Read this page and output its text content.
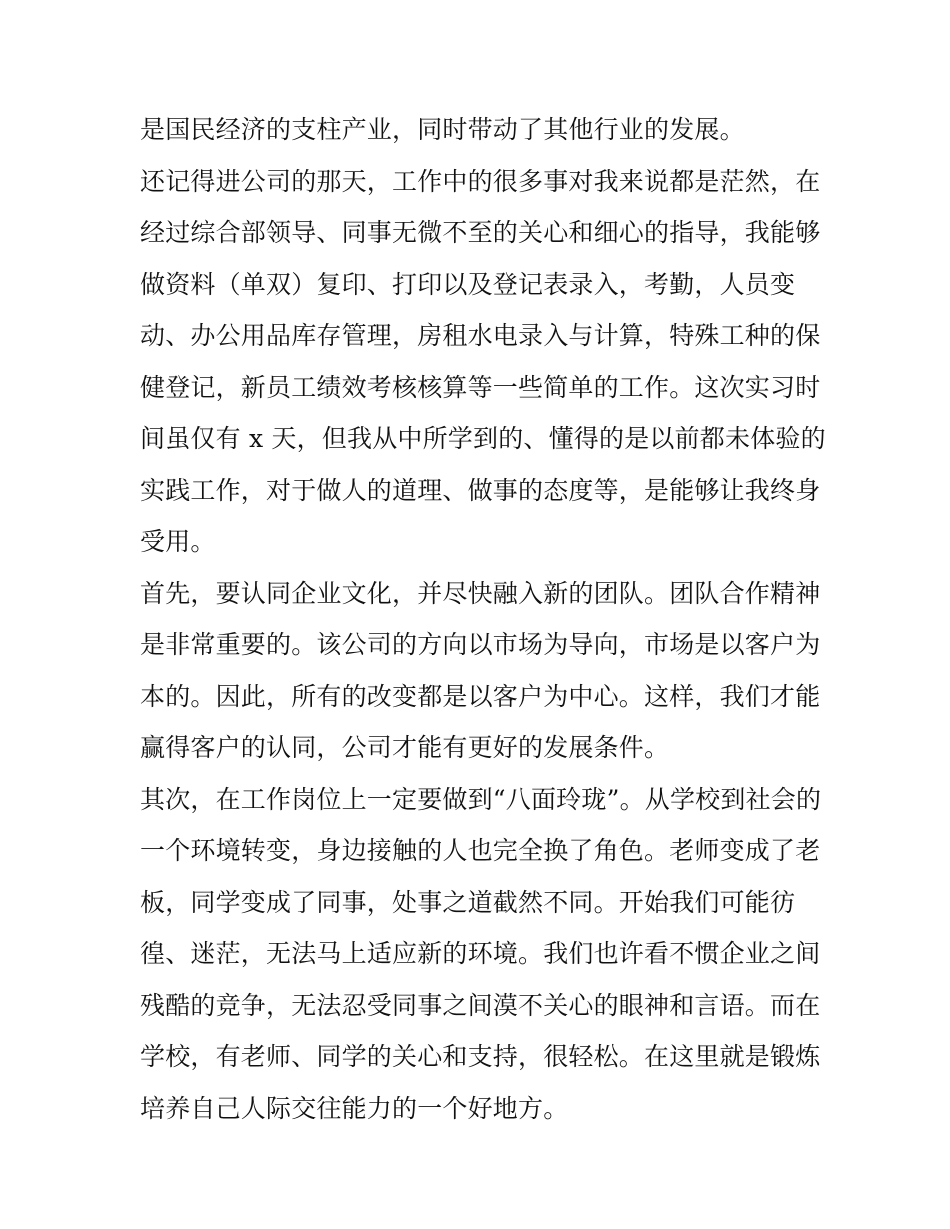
是国民经济的支柱产业，同时带动了其他行业的发展。
还记得进公司的那天，工作中的很多事对我来说都是茫然，在
经过综合部领导、同事无微不至的关心和细心的指导，我能够
做资料（单双）复印、打印以及登记表录入，考勤，人员变
动、办公用品库存管理，房租水电录入与计算，特殊工种的保
健登记，新员工绩效考核核算等一些简单的工作。这次实习时
间虽仅有 x 天，但我从中所学到的、懂得的是以前都未体验的
实践工作，对于做人的道理、做事的态度等，是能够让我终身
受用。
首先，要认同企业文化，并尽快融入新的团队。团队合作精神
是非常重要的。该公司的方向以市场为导向，市场是以客户为
本的。因此，所有的改变都是以客户为中心。这样，我们才能
赢得客户的认同，公司才能有更好的发展条件。
其次，在工作岗位上一定要做到“八面玲珑”。从学校到社会的
一个环境转变，身边接触的人也完全换了角色。老师变成了老
板，同学变成了同事，处事之道截然不同。开始我们可能彷
徨、迷茫，无法马上适应新的环境。我们也许看不惯企业之间
残酷的竞争，无法忍受同事之间漠不关心的眼神和言语。而在
学校，有老师、同学的关心和支持，很轻松。在这里就是锻炼
培养自己人际交往能力的一个好地方。
